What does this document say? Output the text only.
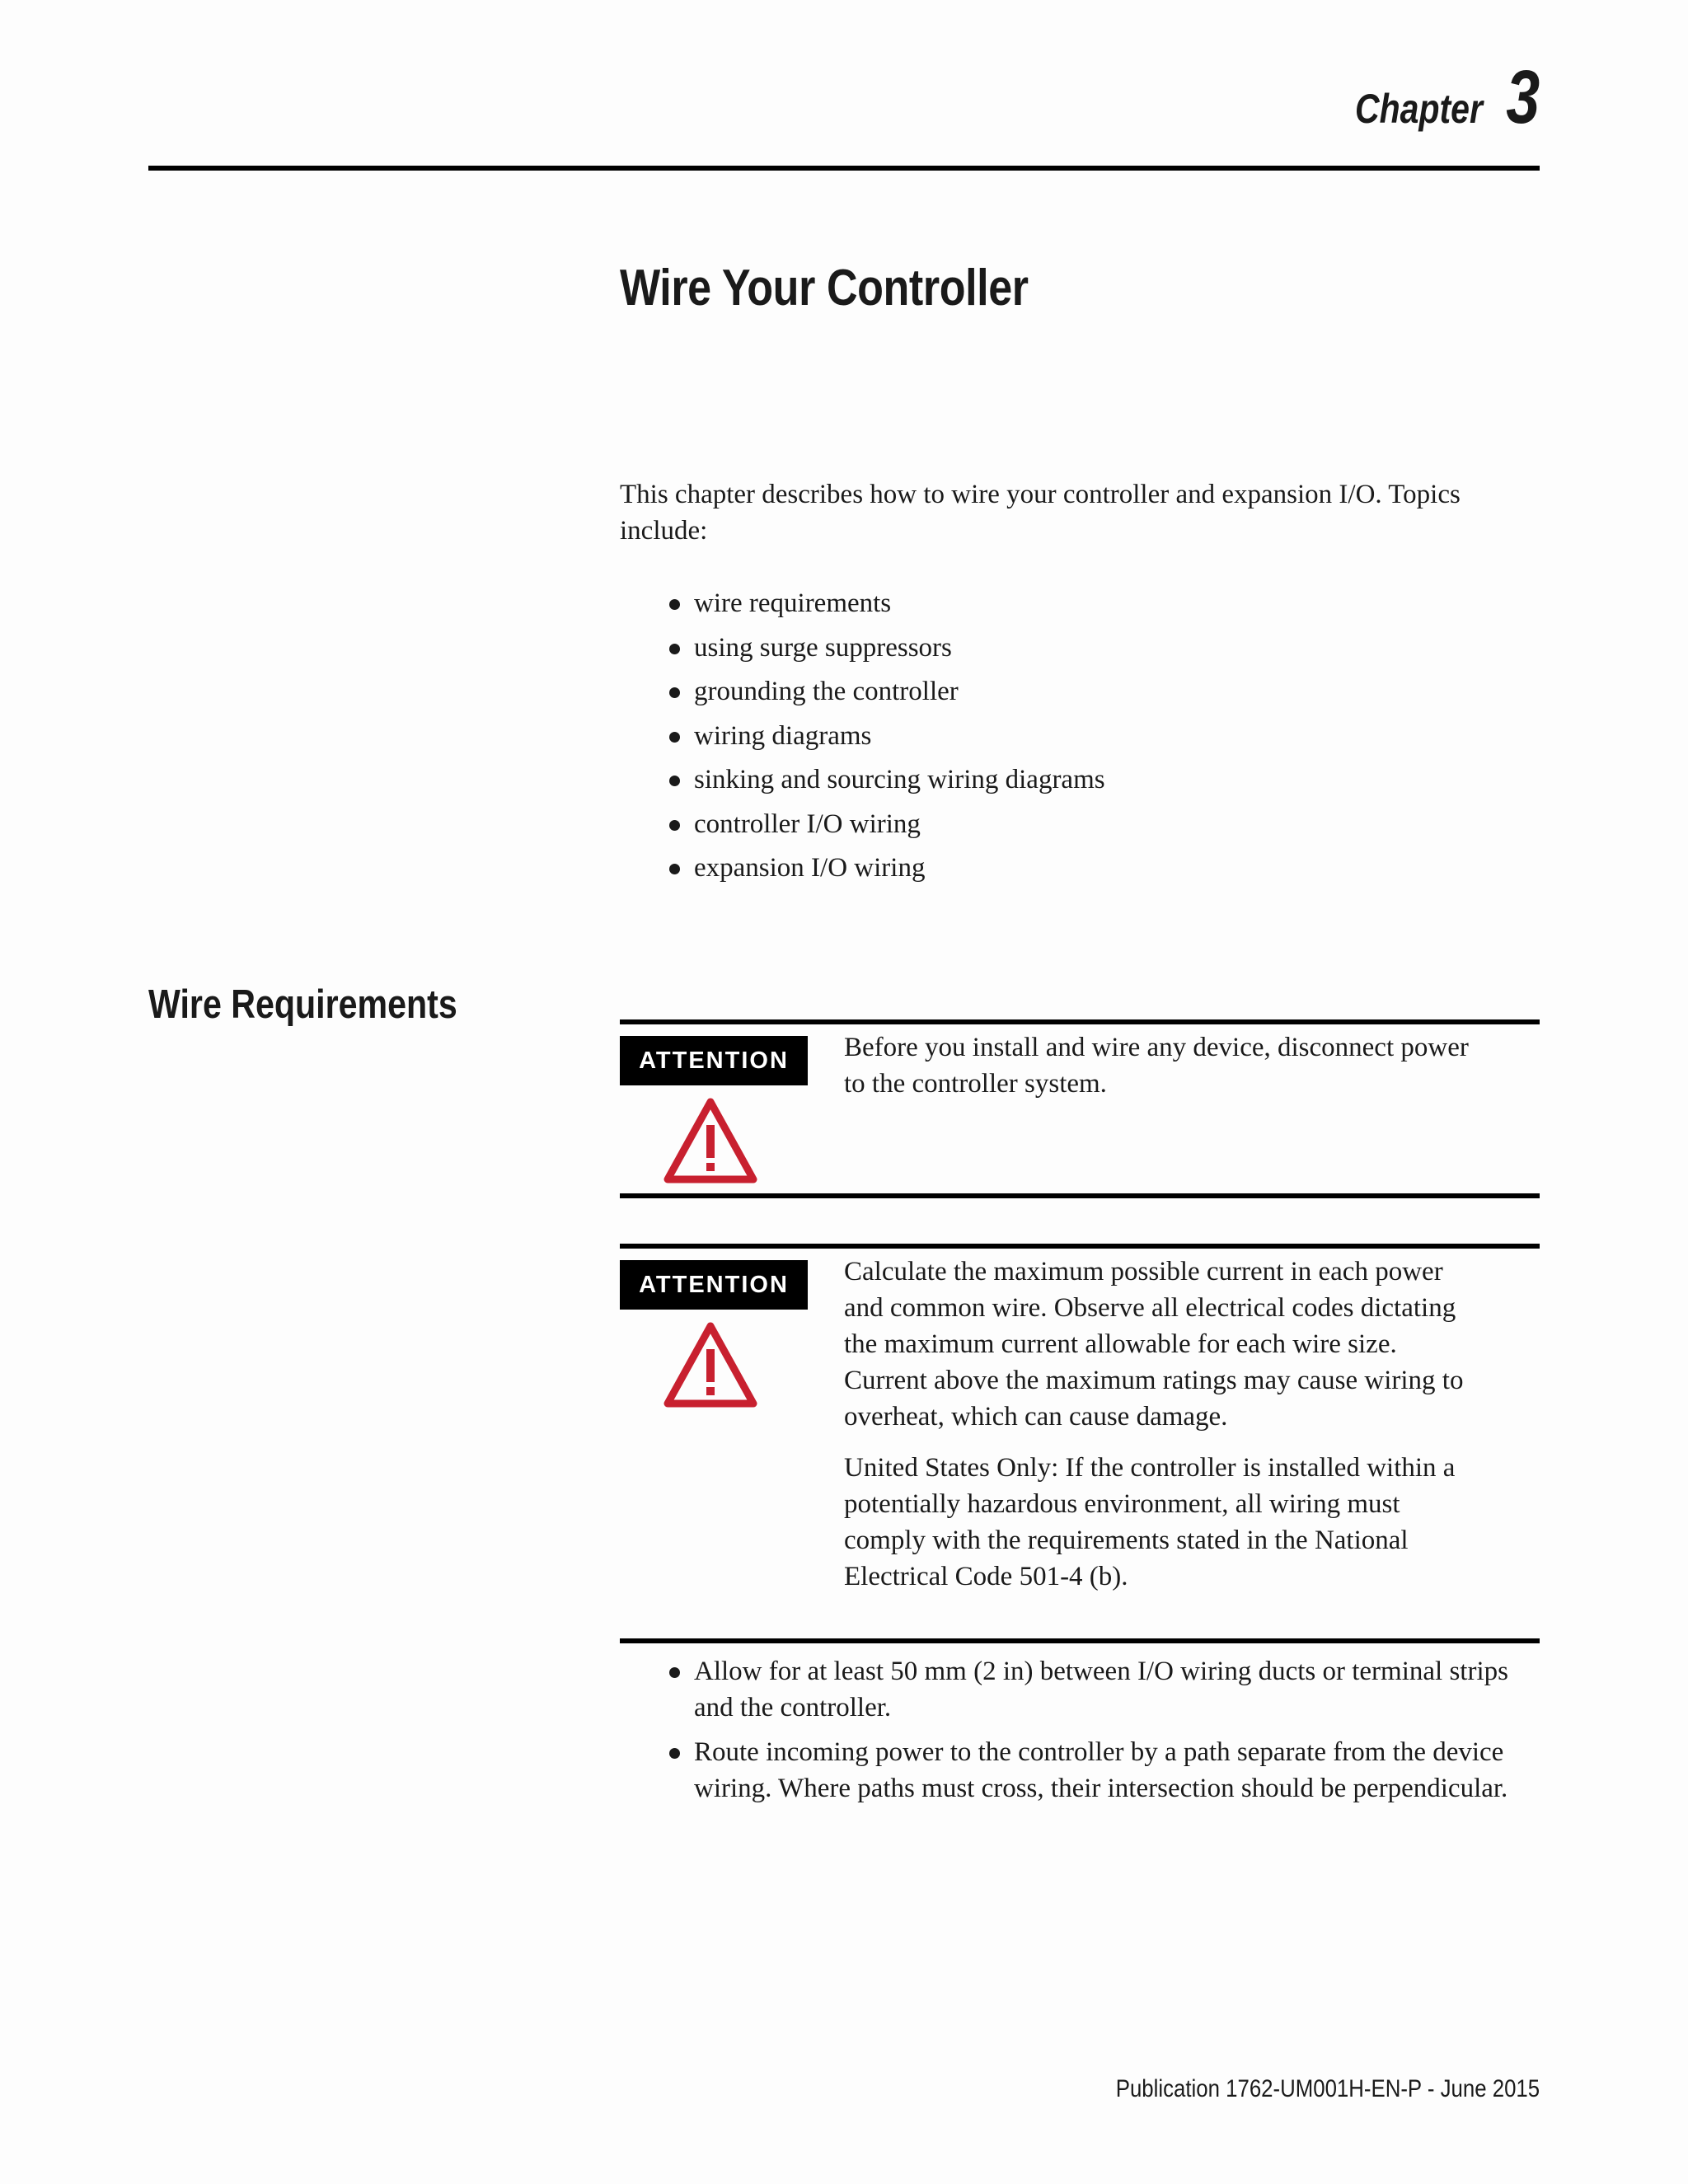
Chapter 3
Wire Your Controller

This chapter describes how to wire your controller and expansion I/O. Topics include:

wire requirements
using surge suppressors
grounding the controller
wiring diagrams
sinking and sourcing wiring diagrams
controller I/O wiring
expansion I/O wiring
Wire Requirements
ATTENTION	Before you install and wire any device, disconnect power to the controller system.

ATTENTION	Calculate the maximum possible current in each power and common wire. Observe all electrical codes dictating the maximum current allowable for each wire size. Current above the maximum ratings may cause wiring to overheat, which can cause damage.

United States Only: If the controller is installed within a potentially hazardous environment, all wiring must comply with the requirements stated in the National Electrical Code 501-4 (b).

Allow for at least 50 mm (2 in) between I/O wiring ducts or terminal strips and the controller.
Route incoming power to the controller by a path separate from the device wiring. Where paths must cross, their intersection should be perpendicular.
Publication 1762-UM001H-EN-P - June 2015
